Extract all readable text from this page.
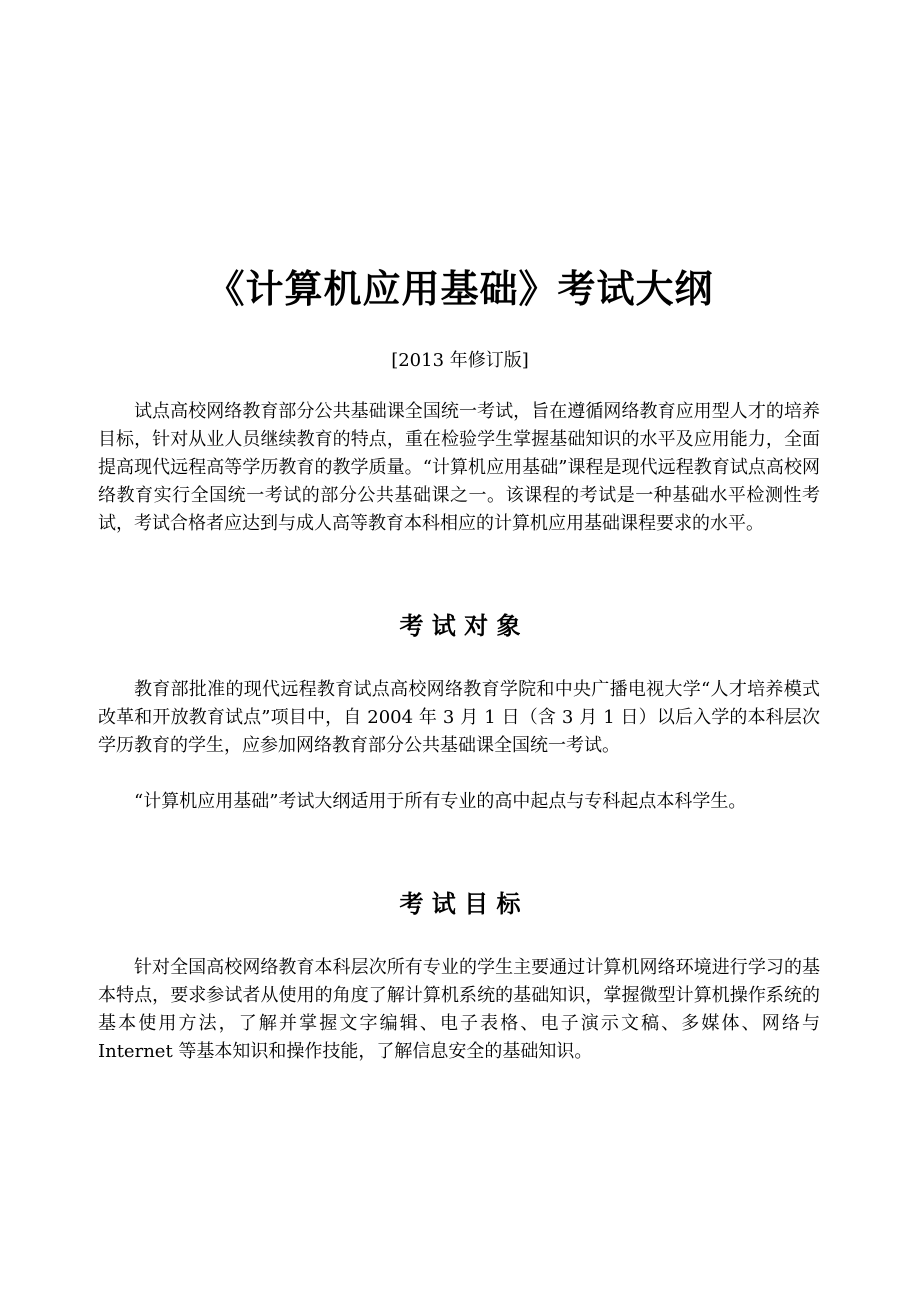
《计算机应用基础》考试大纲

[2013 年修订版]

试点高校网络教育部分公共基础课全国统一考试，旨在遵循网络教育应用型人才的培养目标，针对从业人员继续教育的特点，重在检验学生掌握基础知识的水平及应用能力，全面提高现代远程高等学历教育的教学质量。“计算机应用基础”课程是现代远程教育试点高校网络教育实行全国统一考试的部分公共基础课之一。该课程的考试是一种基础水平检测性考试，考试合格者应达到与成人高等教育本科相应的计算机应用基础课程要求的水平。

考 试 对 象

教育部批准的现代远程教育试点高校网络教育学院和中央广播电视大学“人才培养模式改革和开放教育试点”项目中，自 2004 年 3 月 1 日（含 3 月 1 日）以后入学的本科层次学历教育的学生，应参加网络教育部分公共基础课全国统一考试。

“计算机应用基础”考试大纲适用于所有专业的高中起点与专科起点本科学生。

考 试 目 标

针对全国高校网络教育本科层次所有专业的学生主要通过计算机网络环境进行学习的基本特点，要求参试者从使用的角度了解计算机系统的基础知识，掌握微型计算机操作系统的基本使用方法，了解并掌握文字编辑、电子表格、电子演示文稿、多媒体、网络与 Internet 等基本知识和操作技能，了解信息安全的基础知识。
